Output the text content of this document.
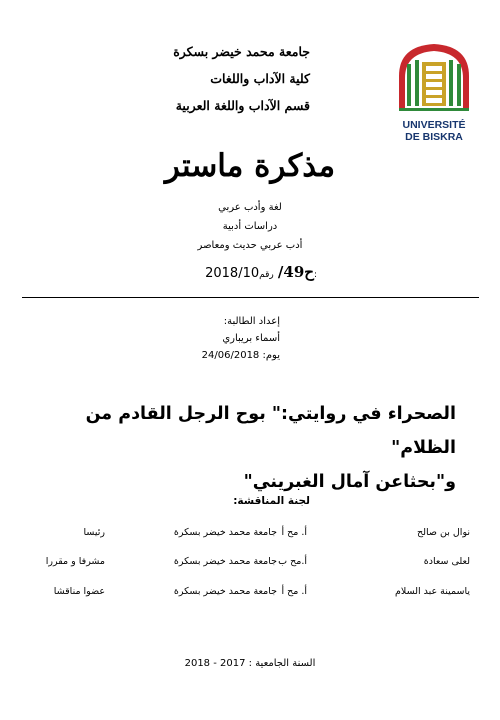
جامعة محمد خيضر بسكرة
كلية الآداب واللغات
قسم الآداب واللغة العربية
UNIVERSITÉ
DE BISKRA
مذكرة ماستر
لغة وأدب عربي
دراسات أدبية
أدب عربي حديث ومعاصر
2018/10 ح49/ رقم:
إعداد الطالبة:
أسماء بريباري
يوم: 24/06/2018
الصحراء في روايتي:" بوح الرجل القادم من الظلام"
و"بحثاعن آمال الغبريني"
لجنة المناقشة:
نوال بن صالح
أ. مح أ
جامعة محمد خيضر بسكرة
رئيسا
لعلى سعادة
أ.مح ب
جامعة محمد خيضر بسكرة
مشرفا و مقررا
ياسمينة عبد السلام
أ. مح أ
جامعة محمد خيضر بسكرة
عضوا مناقشا
السنة الجامعية : 2017 - 2018
